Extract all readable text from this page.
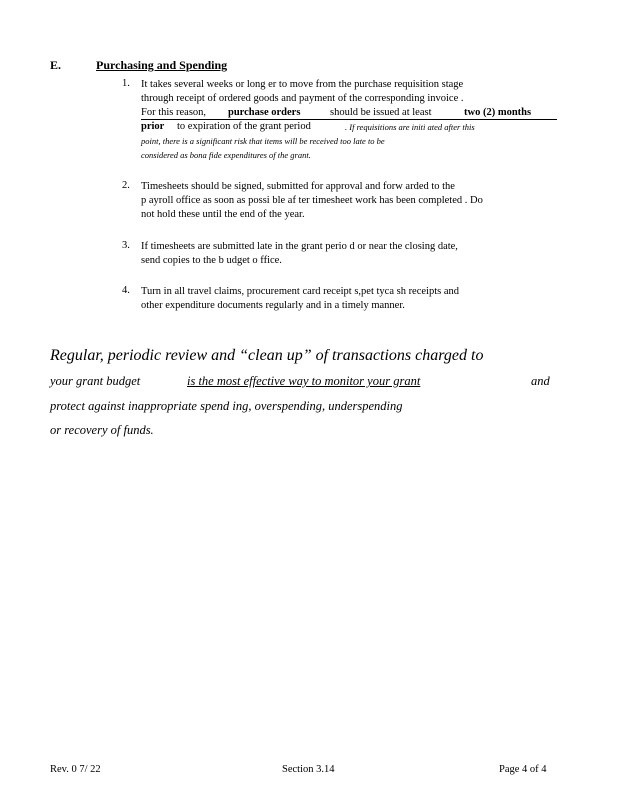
E.	Purchasing and Spending
1. It takes several weeks or long er to move from the purchase requisition stage
through receipt of ordered goods and payment of the corresponding invoice .
For this reason, purchase orders	should be issued at least	two (2) months
prior to expiration of the grant period	. If requisitions are initi ated after this
point, there is a significant risk that items will be received too late to be
considered as bona fide expenditures of the grant.
2. Timesheets should be signed, submitted for approval and forw arded to the
p ayroll office as soon as possi ble af ter timesheet work has been completed . Do
not hold these until the end of the year.
3. If timesheets are submitted late in the grant perio d or near the closing date,
send copies to the b udget o ffice.
4. Turn in all travel claims, procurement card receipt s,pet tyca sh receipts and
other expenditure documents regularly and in a timely manner.
Regular, periodic review and “clean up” of transactions charged to
your grant budget	is the most effective way to monitor your grant	and
protect against inappropriate spend ing, overspending, underspending
or recovery of funds.
Rev. 0 7/ 22	Section 3.14	Page 4 of 4
